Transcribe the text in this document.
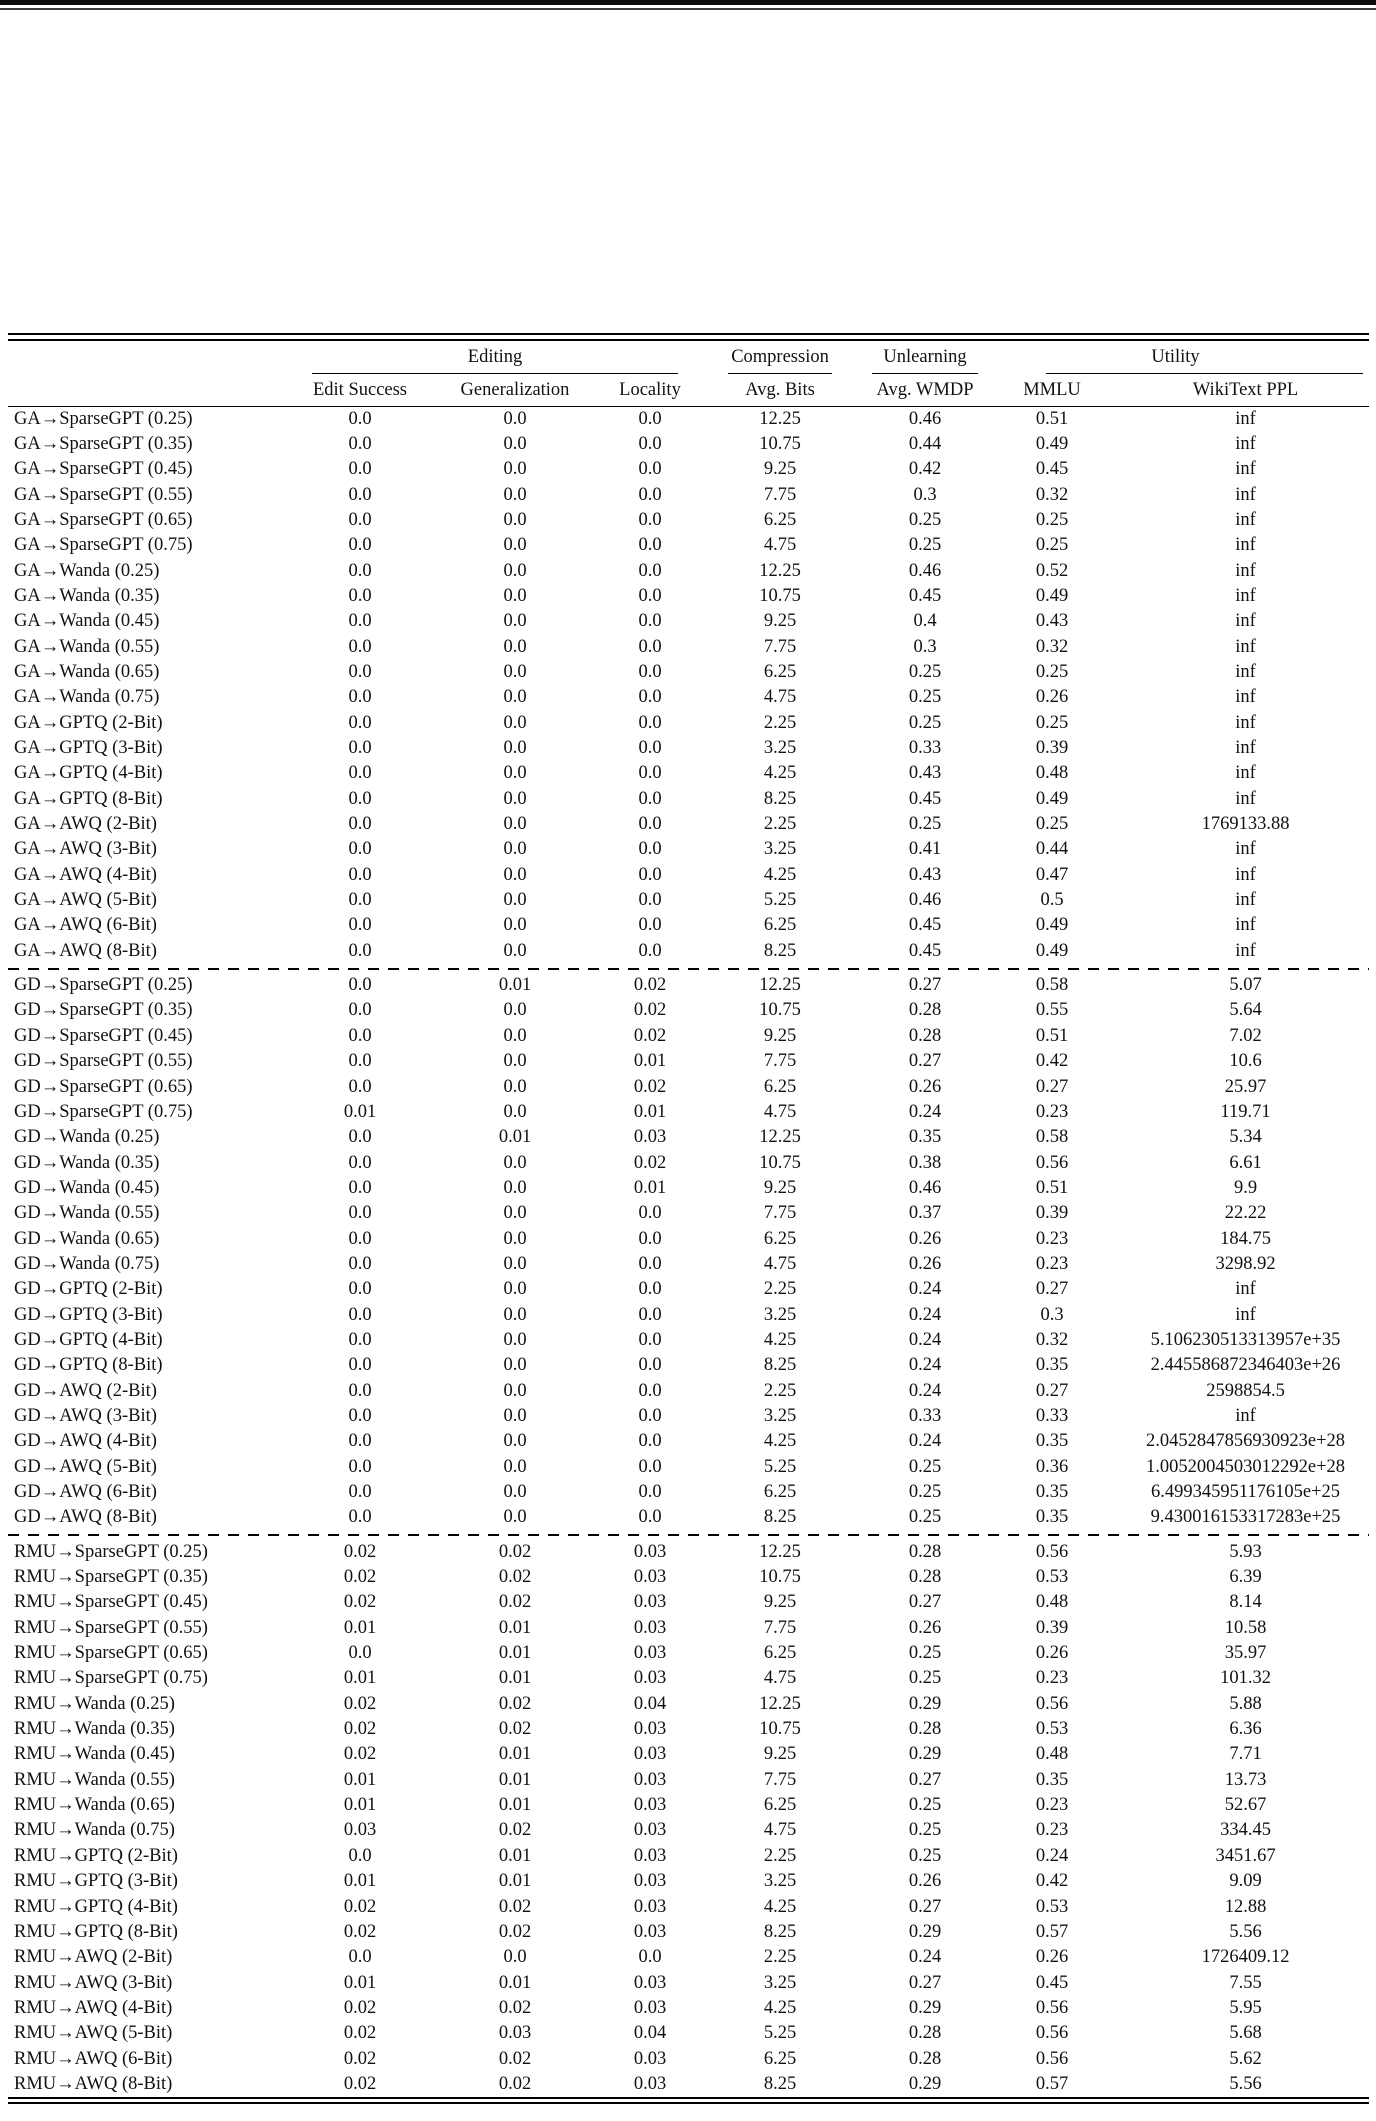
	Editing			Compression	Unlearning	Utility	

	Edit Success	Generalization	Locality	Avg. Bits	Avg. WMDP	MMLU	WikiText PPL
GA→SparseGPT (0.25)	0.0	0.0	0.0	12.25	0.46	0.51	inf
GA→SparseGPT (0.35)	0.0	0.0	0.0	10.75	0.44	0.49	inf
GA→SparseGPT (0.45)	0.0	0.0	0.0	9.25	0.42	0.45	inf
GA→SparseGPT (0.55)	0.0	0.0	0.0	7.75	0.3	0.32	inf
GA→SparseGPT (0.65)	0.0	0.0	0.0	6.25	0.25	0.25	inf
GA→SparseGPT (0.75)	0.0	0.0	0.0	4.75	0.25	0.25	inf
GA→Wanda (0.25)	0.0	0.0	0.0	12.25	0.46	0.52	inf
GA→Wanda (0.35)	0.0	0.0	0.0	10.75	0.45	0.49	inf
GA→Wanda (0.45)	0.0	0.0	0.0	9.25	0.4	0.43	inf
GA→Wanda (0.55)	0.0	0.0	0.0	7.75	0.3	0.32	inf
GA→Wanda (0.65)	0.0	0.0	0.0	6.25	0.25	0.25	inf
GA→Wanda (0.75)	0.0	0.0	0.0	4.75	0.25	0.26	inf
GA→GPTQ (2-Bit)	0.0	0.0	0.0	2.25	0.25	0.25	inf
GA→GPTQ (3-Bit)	0.0	0.0	0.0	3.25	0.33	0.39	inf
GA→GPTQ (4-Bit)	0.0	0.0	0.0	4.25	0.43	0.48	inf
GA→GPTQ (8-Bit)	0.0	0.0	0.0	8.25	0.45	0.49	inf
GA→AWQ (2-Bit)	0.0	0.0	0.0	2.25	0.25	0.25	1769133.88
GA→AWQ (3-Bit)	0.0	0.0	0.0	3.25	0.41	0.44	inf
GA→AWQ (4-Bit)	0.0	0.0	0.0	4.25	0.43	0.47	inf
GA→AWQ (5-Bit)	0.0	0.0	0.0	5.25	0.46	0.5	inf
GA→AWQ (6-Bit)	0.0	0.0	0.0	6.25	0.45	0.49	inf
GA→AWQ (8-Bit)	0.0	0.0	0.0	8.25	0.45	0.49	inf

GD→SparseGPT (0.25)	0.0	0.01	0.02	12.25	0.27	0.58	5.07
GD→SparseGPT (0.35)	0.0	0.0	0.02	10.75	0.28	0.55	5.64
GD→SparseGPT (0.45)	0.0	0.0	0.02	9.25	0.28	0.51	7.02
GD→SparseGPT (0.55)	0.0	0.0	0.01	7.75	0.27	0.42	10.6
GD→SparseGPT (0.65)	0.0	0.0	0.02	6.25	0.26	0.27	25.97
GD→SparseGPT (0.75)	0.01	0.0	0.01	4.75	0.24	0.23	119.71
GD→Wanda (0.25)	0.0	0.01	0.03	12.25	0.35	0.58	5.34
GD→Wanda (0.35)	0.0	0.0	0.02	10.75	0.38	0.56	6.61
GD→Wanda (0.45)	0.0	0.0	0.01	9.25	0.46	0.51	9.9
GD→Wanda (0.55)	0.0	0.0	0.0	7.75	0.37	0.39	22.22
GD→Wanda (0.65)	0.0	0.0	0.0	6.25	0.26	0.23	184.75
GD→Wanda (0.75)	0.0	0.0	0.0	4.75	0.26	0.23	3298.92
GD→GPTQ (2-Bit)	0.0	0.0	0.0	2.25	0.24	0.27	inf
GD→GPTQ (3-Bit)	0.0	0.0	0.0	3.25	0.24	0.3	inf
GD→GPTQ (4-Bit)	0.0	0.0	0.0	4.25	0.24	0.32	5.106230513313957e+35
GD→GPTQ (8-Bit)	0.0	0.0	0.0	8.25	0.24	0.35	2.445586872346403e+26
GD→AWQ (2-Bit)	0.0	0.0	0.0	2.25	0.24	0.27	2598854.5
GD→AWQ (3-Bit)	0.0	0.0	0.0	3.25	0.33	0.33	inf
GD→AWQ (4-Bit)	0.0	0.0	0.0	4.25	0.24	0.35	2.0452847856930923e+28
GD→AWQ (5-Bit)	0.0	0.0	0.0	5.25	0.25	0.36	1.0052004503012292e+28
GD→AWQ (6-Bit)	0.0	0.0	0.0	6.25	0.25	0.35	6.499345951176105e+25
GD→AWQ (8-Bit)	0.0	0.0	0.0	8.25	0.25	0.35	9.430016153317283e+25

RMU→SparseGPT (0.25)	0.02	0.02	0.03	12.25	0.28	0.56	5.93
RMU→SparseGPT (0.35)	0.02	0.02	0.03	10.75	0.28	0.53	6.39
RMU→SparseGPT (0.45)	0.02	0.02	0.03	9.25	0.27	0.48	8.14
RMU→SparseGPT (0.55)	0.01	0.01	0.03	7.75	0.26	0.39	10.58
RMU→SparseGPT (0.65)	0.0	0.01	0.03	6.25	0.25	0.26	35.97
RMU→SparseGPT (0.75)	0.01	0.01	0.03	4.75	0.25	0.23	101.32
RMU→Wanda (0.25)	0.02	0.02	0.04	12.25	0.29	0.56	5.88
RMU→Wanda (0.35)	0.02	0.02	0.03	10.75	0.28	0.53	6.36
RMU→Wanda (0.45)	0.02	0.01	0.03	9.25	0.29	0.48	7.71
RMU→Wanda (0.55)	0.01	0.01	0.03	7.75	0.27	0.35	13.73
RMU→Wanda (0.65)	0.01	0.01	0.03	6.25	0.25	0.23	52.67
RMU→Wanda (0.75)	0.03	0.02	0.03	4.75	0.25	0.23	334.45
RMU→GPTQ (2-Bit)	0.0	0.01	0.03	2.25	0.25	0.24	3451.67
RMU→GPTQ (3-Bit)	0.01	0.01	0.03	3.25	0.26	0.42	9.09
RMU→GPTQ (4-Bit)	0.02	0.02	0.03	4.25	0.27	0.53	12.88
RMU→GPTQ (8-Bit)	0.02	0.02	0.03	8.25	0.29	0.57	5.56
RMU→AWQ (2-Bit)	0.0	0.0	0.0	2.25	0.24	0.26	1726409.12
RMU→AWQ (3-Bit)	0.01	0.01	0.03	3.25	0.27	0.45	7.55
RMU→AWQ (4-Bit)	0.02	0.02	0.03	4.25	0.29	0.56	5.95
RMU→AWQ (5-Bit)	0.02	0.03	0.04	5.25	0.28	0.56	5.68
RMU→AWQ (6-Bit)	0.02	0.02	0.03	6.25	0.28	0.56	5.62
RMU→AWQ (8-Bit)	0.02	0.02	0.03	8.25	0.29	0.57	5.56
